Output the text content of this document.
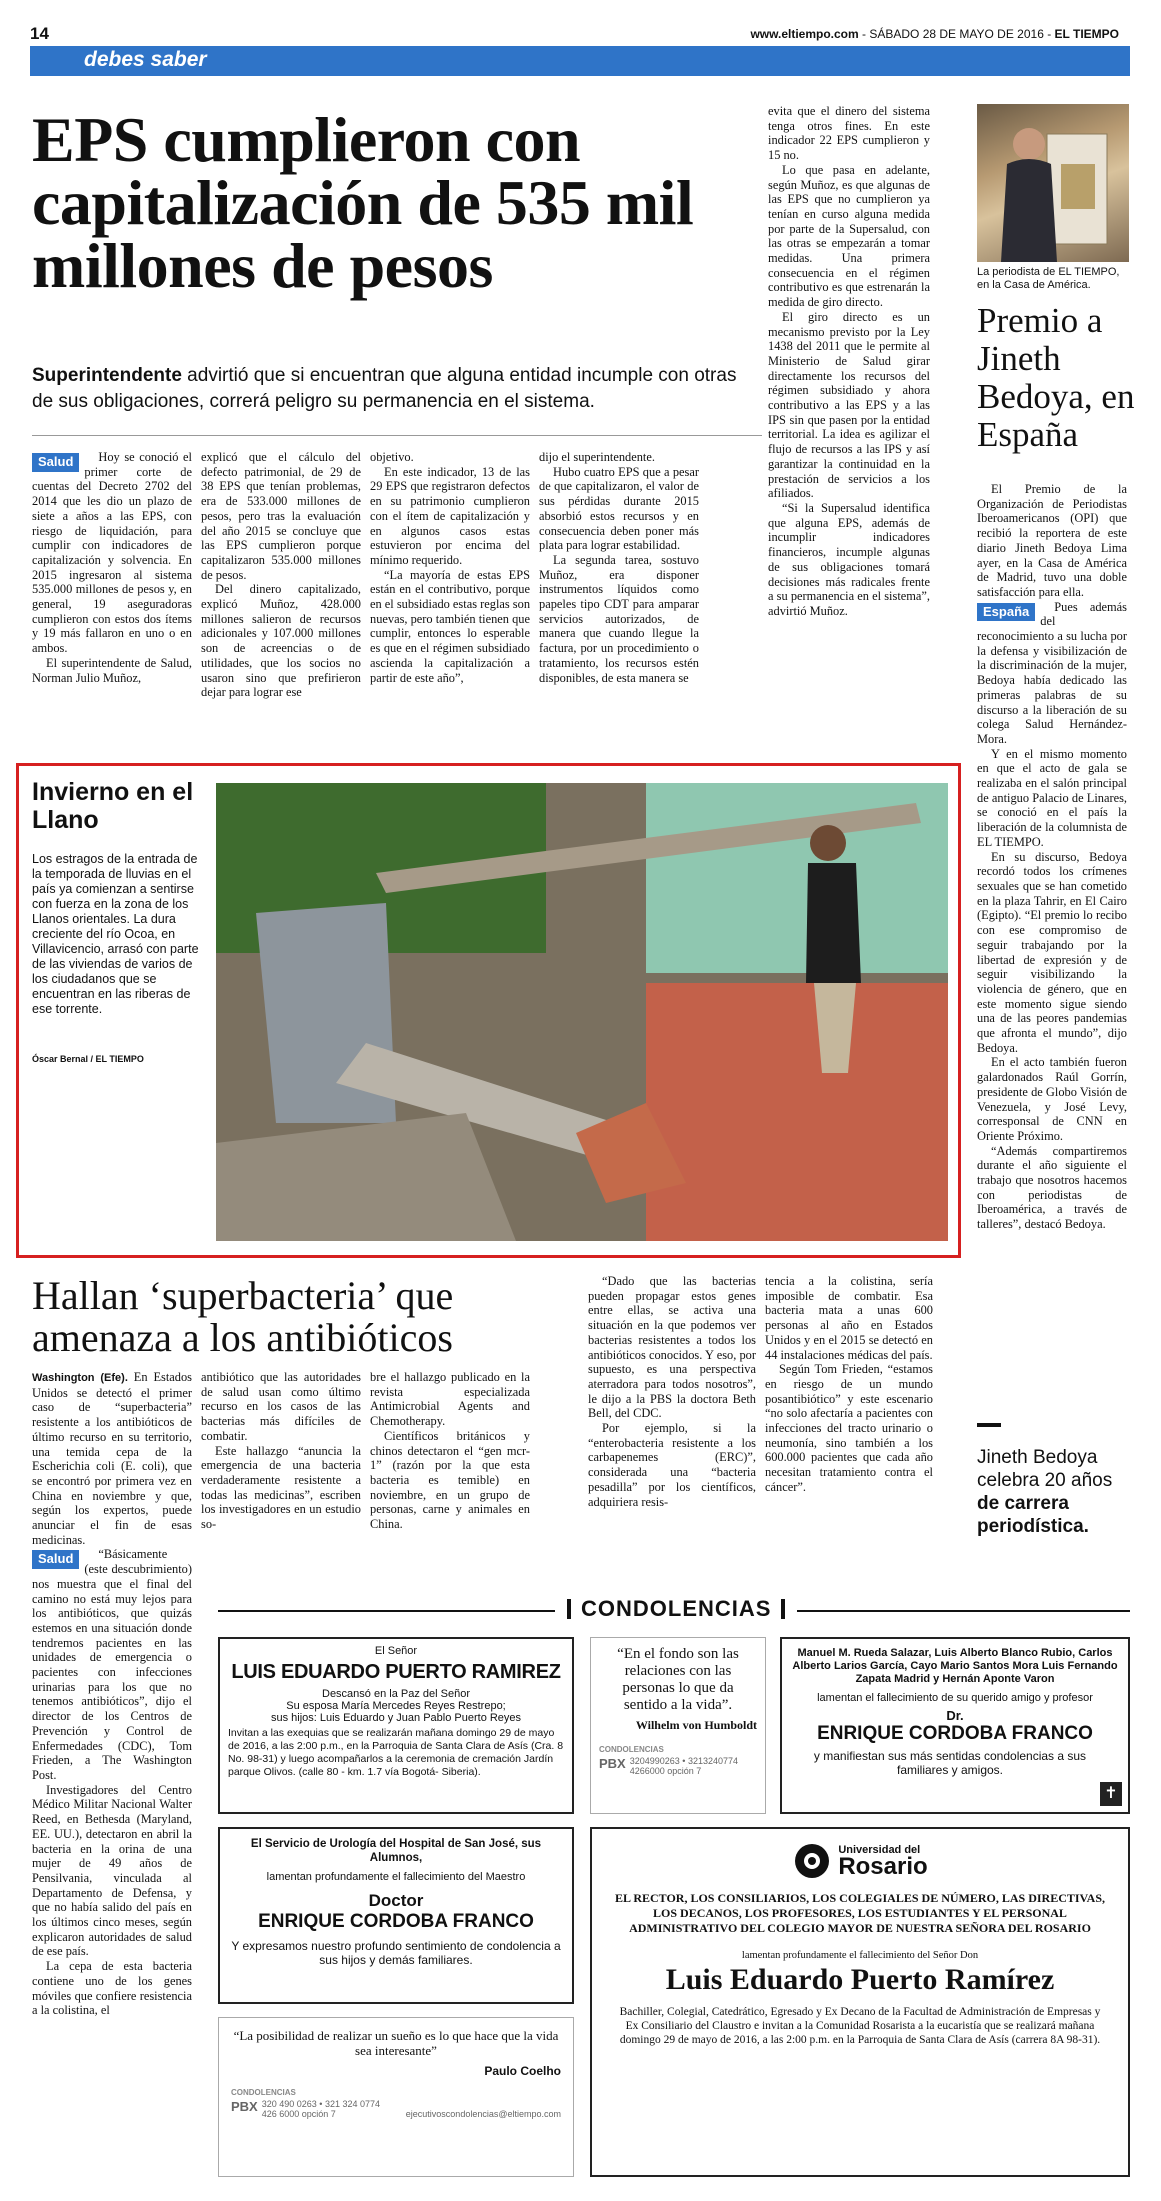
14	www.eltiempo.com - SÁBADO 28 DE MAYO DE 2016 - EL TIEMPO
debes saber
EPS cumplieron con capitalización de 535 mil millones de pesos
Superintendente advirtió que si encuentran que alguna entidad incumple con otras de sus obligaciones, correrá peligro su permanencia en el sistema.
Salud	Hoy se conoció el primer corte de cuentas del Decreto 2702 del 2014 que les dio un plazo de siete a años a las EPS, con riesgo de liquidación, para cumplir con indicadores de capitalización y solvencia. En 2015 ingresaron al sistema 535.000 millones de pesos y, en general, 19 aseguradoras cumplieron con estos dos ítems y 19 más fallaron en uno o en ambos.

El superintendente de Salud, Norman Julio Muñoz,

explicó que el cálculo del defecto patrimonial, de 29 de 38 EPS que tenían problemas, era de 533.000 millones de pesos, pero tras la evaluación del año 2015 se concluye que las EPS cumplieron porque capitalizaron 535.000 millones de pesos.

Del dinero capitalizado, explicó Muñoz, 428.000 millones salieron de recursos adicionales y 107.000 millones son de acreencias o de utilidades, que los socios no usaron sino que prefirieron dejar para lograr ese

objetivo.

En este indicador, 13 de las 29 EPS que registraron defectos en su patrimonio cumplieron con el ítem de capitalización y en algunos casos estas estuvieron por encima del mínimo requerido.

“La mayoría de estas EPS están en el contributivo, porque en el subsidiado estas reglas son nuevas, pero también tienen que cumplir, entonces lo esperable es que en el régimen subsidiado ascienda la capitalización a partir de este año”,

dijo el superintendente.

Hubo cuatro EPS que a pesar de que capitalizaron, el valor de sus pérdidas durante 2015 absorbió estos recursos y en consecuencia deben poner más plata para lograr estabilidad.

La segunda tarea, sostuvo Muñoz, era disponer instrumentos líquidos como papeles tipo CDT para amparar servicios autorizados, de manera que cuando llegue la factura, por un procedimiento o tratamiento, los recursos estén disponibles, de esta manera se

evita que el dinero del sistema tenga otros fines. En este indicador 22 EPS cumplieron y 15 no.

Lo que pasa en adelante, según Muñoz, es que algunas de las EPS que no cumplieron ya tenían en curso alguna medida por parte de la Supersalud, con las otras se empezarán a tomar medidas. Una primera consecuencia en el régimen contributivo es que estrenarán la medida de giro directo.

El giro directo es un mecanismo previsto por la Ley 1438 del 2011 que le permite al Ministerio de Salud girar directamente los recursos del régimen subsidiado y ahora contributivo a las EPS y a las IPS sin que pasen por la entidad territorial. La idea es agilizar el flujo de recursos a las IPS y así garantizar la continuidad en la prestación de servicios a los afiliados.

“Si la Supersalud identifica que alguna EPS, además de incumplir indicadores financieros, incumple algunas de sus obligaciones tomará decisiones más radicales frente a su permanencia en el sistema”, advirtió Muñoz.

La periodista de EL TIEMPO, en la Casa de América.
Premio a Jineth Bedoya, en España

El Premio de la Organización de Periodistas Iberoamericanos (OPI) que recibió la reportera de este diario Jineth Bedoya Lima ayer, en la Casa de América de Madrid, tuvo una doble satisfacción para ella.

España	Pues además del reconocimiento a su lucha por la defensa y visibilización de la discriminación de la mujer, Bedoya había dedicado las primeras palabras de su discurso a la liberación de su colega Salud Hernández-Mora.

Y en el mismo momento en que el acto de gala se realizaba en el salón principal de antiguo Palacio de Linares, se conoció en el país la liberación de la columnista de EL TIEMPO.

En su discurso, Bedoya recordó todos los crímenes sexuales que se han cometido en la plaza Tahrir, en El Cairo (Egipto). “El premio lo recibo con ese compromiso de seguir trabajando por la libertad de expresión y de seguir visibilizando la violencia de género, que en este momento sigue siendo una de las peores pandemias que afronta el mundo”, dijo Bedoya.

En el acto también fueron galardonados Raúl Gorrín, presidente de Globo Visión de Venezuela, y José Levy, corresponsal de CNN en Oriente Próximo.

“Además compartiremos durante el año siguiente el trabajo que nosotros hacemos con periodistas de Iberoamérica, a través de talleres”, destacó Bedoya.

Jineth Bedoya celebra 20 años de carrera periodística.
Invierno en el Llano
Los estragos de la entrada de la temporada de lluvias en el país ya comienzan a sentirse con fuerza en la zona de los Llanos orientales. La dura creciente del río Ocoa, en Villavicencio, arrasó con parte de las viviendas de varios de los ciudadanos que se encuentran en las riberas de ese torrente.
Óscar Bernal / EL TIEMPO
Hallan ‘superbacteria’ que amenaza a los antibióticos

Washington (Efe). En Estados Unidos se detectó el primer caso de “superbacteria” resistente a los antibióticos de último recurso en su territorio, una temida cepa de la Escherichia coli (E. coli), que se encontró por primera vez en China en noviembre y que, según los expertos, puede anunciar el fin de esas medicinas.

Salud	“Básicamente (este descubrimiento) nos muestra que el final del camino no está muy lejos para los antibióticos, que quizás estemos en una situación donde tendremos pacientes en las unidades de emergencia o pacientes con infecciones urinarias para los que no tenemos antibióticos”, dijo el director de los Centros de Prevención y Control de Enfermedades (CDC), Tom Frieden, a The Washington Post.

Investigadores del Centro Médico Militar Nacional Walter Reed, en Bethesda (Maryland, EE. UU.), detectaron en abril la bacteria en la orina de una mujer de 49 años de Pensilvania, vinculada al Departamento de Defensa, y que no había salido del país en los últimos cinco meses, según explicaron autoridades de salud de ese país.

La cepa de esta bacteria contiene uno de los genes móviles que confiere resistencia a la colistina, el

antibiótico que las autoridades de salud usan como último recurso en los casos de las bacterias más difíciles de combatir.

Este hallazgo “anuncia la emergencia de una bacteria verdaderamente resistente a todas las medicinas”, escriben los investigadores en un estudio so-

bre el hallazgo publicado en la revista especializada Antimicrobial Agents and Chemotherapy.

Científicos británicos y chinos detectaron el “gen mcr-1” (razón por la que esta bacteria es temible) en noviembre, en un grupo de personas, carne y animales en China.

“Dado que las bacterias pueden propagar estos genes entre ellas, se activa una situación en la que podemos ver bacterias resistentes a todos los antibióticos conocidos. Y eso, por supuesto, es una perspectiva aterradora para todos nosotros”, le dijo a la PBS la doctora Beth Bell, del CDC.

Por ejemplo, si la “enterobacteria resistente a los carbapenemes (ERC)”, considerada una “bacteria pesadilla” por los científicos, adquiriera resis-

tencia a la colistina, sería imposible de combatir. Esa bacteria mata a unas 600 personas al año en Estados Unidos y en el 2015 se detectó en 44 instalaciones médicas del país.

Según Tom Frieden, “estamos en riesgo de un mundo posantibiótico” y este escenario “no solo afectaría a pacientes con infecciones del tracto urinario o neumonía, sino también a los 600.000 pacientes que cada año necesitan tratamiento contra el cáncer”.

CONDOLENCIAS
El Señor
LUIS EDUARDO PUERTO RAMIREZ
Descansó en la Paz del Señor
Su esposa María Mercedes Reyes Restrepo;
sus hijos: Luis Eduardo y Juan Pablo Puerto Reyes
Invitan a las exequias que se realizarán mañana domingo 29 de mayo de 2016, a las 2:00 p.m., en la Parroquia de Santa Clara de Asís (Cra. 8 No. 98-31) y luego acompañarlos a la ceremonia de cremación Jardín parque Olivos. (calle 80 - km. 1.7 vía Bogotá- Siberia).
“En el fondo son las relaciones con las personas lo que da sentido a la vida”.
Wilhelm von Humboldt
CONDOLENCIAS
PBX 3204990263 • 3213240774
4266000 opción 7
Manuel M. Rueda Salazar, Luis Alberto Blanco Rubio, Carlos Alberto Larios García, Cayo Mario Santos Mora Luis Fernando Zapata Madrid y Hernán Aponte Varon
lamentan el fallecimiento de su querido amigo y profesor
Dr.
ENRIQUE CORDOBA FRANCO
y manifiestan sus más sentidas condolencias a sus familiares y amigos.
✝
El Servicio de Urología del Hospital de San José, sus Alumnos,
lamentan profundamente el fallecimiento del Maestro
Doctor
ENRIQUE CORDOBA FRANCO
Y expresamos nuestro profundo sentimiento de condolencia a sus hijos y demás familiares.
Universidad del
Rosario
EL RECTOR, LOS CONSILIARIOS, LOS COLEGIALES DE NÚMERO, LAS DIRECTIVAS, LOS DECANOS, LOS PROFESORES, LOS ESTUDIANTES Y EL PERSONAL ADMINISTRATIVO DEL COLEGIO MAYOR DE NUESTRA SEÑORA DEL ROSARIO
lamentan profundamente el fallecimiento del Señor Don
Luis Eduardo Puerto Ramírez
Bachiller, Colegial, Catedrático, Egresado y Ex Decano de la Facultad de Administración de Empresas y Ex Consiliario del Claustro e invitan a la Comunidad Rosarista a la eucaristía que se realizará mañana domingo 29 de mayo de 2016, a las 2:00 p.m. en la Parroquia de Santa Clara de Asís (carrera 8A 98-31).
“La posibilidad de realizar un sueño es lo que hace que la vida sea interesante”
Paulo Coelho
CONDOLENCIAS
PBX 320 490 0263 • 321 324 0774
426 6000 opción 7	ejecutivoscondolencias@eltiempo.com
